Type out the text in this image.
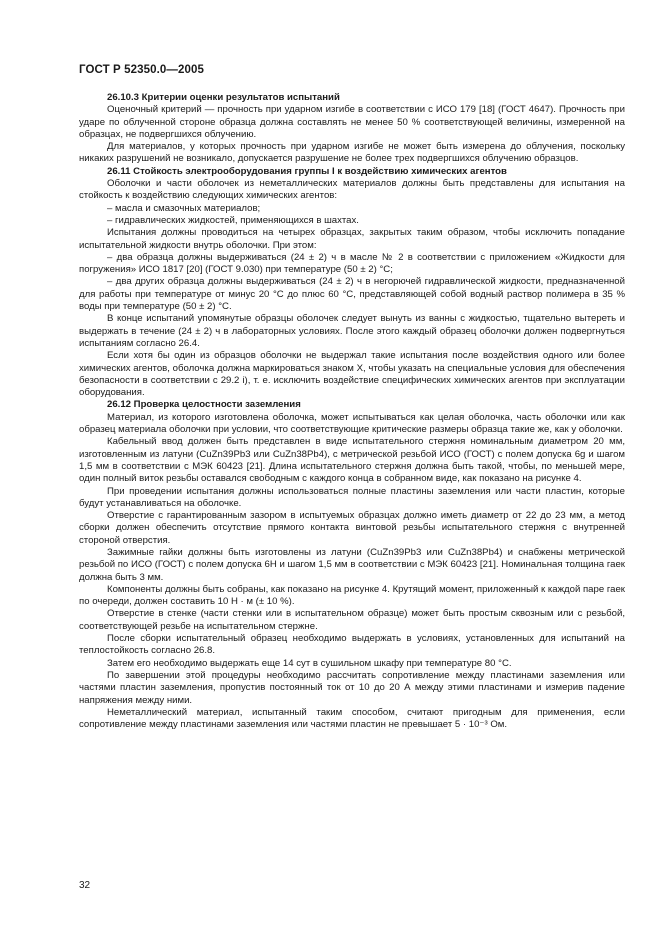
ГОСТ Р 52350.0—2005

26.10.3 Критерии оценки результатов испытаний

Оценочный критерий — прочность при ударном изгибе в соответствии с ИСО 179 [18] (ГОСТ 4647). Прочность при ударе по облученной стороне образца должна составлять не менее 50 % соответствующей величины, измеренной на образцах, не подвергшихся облучению.

Для материалов, у которых прочность при ударном изгибе не может быть измерена до облучения, поскольку никаких разрушений не возникало, допускается разрушение не более трех подвергшихся облучению образцов.

26.11 Стойкость электрооборудования группы I к воздействию химических агентов

Оболочки и части оболочек из неметаллических материалов должны быть представлены для испытания на стойкость к воздействию следующих химических агентов:

– масла и смазочных материалов;

– гидравлических жидкостей, применяющихся в шахтах.

Испытания должны проводиться на четырех образцах, закрытых таким образом, чтобы исключить попадание испытательной жидкости внутрь оболочки. При этом:

– два образца должны выдерживаться (24 ± 2) ч в масле № 2 в соответствии с приложением «Жидкости для погружения» ИСО 1817 [20] (ГОСТ 9.030) при температуре (50 ± 2) °С;

– два других образца должны выдерживаться (24 ± 2) ч в негорючей гидравлической жидкости, предназначенной для работы при температуре от минус 20 °С до плюс 60 °С, представляющей собой водный раствор полимера в 35 % воды при температуре (50 ± 2) °С.

В конце испытаний упомянутые образцы оболочек следует вынуть из ванны с жидкостью, тщательно вытереть и выдержать в течение (24 ± 2) ч в лабораторных условиях. После этого каждый образец оболочки должен подвергнуться испытаниям согласно 26.4.

Если хотя бы один из образцов оболочки не выдержал такие испытания после воздействия одного или более химических агентов, оболочка должна маркироваться знаком X, чтобы указать на специальные условия для обеспечения безопасности в соответствии с 29.2 i), т. е. исключить воздействие специфических химических агентов при эксплуатации оборудования.

26.12 Проверка целостности заземления

Материал, из которого изготовлена оболочка, может испытываться как целая оболочка, часть оболочки или как образец материала оболочки при условии, что соответствующие критические размеры образца такие же, как у оболочки.

Кабельный ввод должен быть представлен в виде испытательного стержня номинальным диаметром 20 мм, изготовленным из латуни (CuZn39Pb3 или CuZn38Pb4), с метрической резьбой ИСО (ГОСТ) с полем допуска 6g и шагом 1,5 мм в соответствии с МЭК 60423 [21]. Длина испытательного стержня должна быть такой, чтобы, по меньшей мере, один полный виток резьбы оставался свободным с каждого конца в собранном виде, как показано на рисунке 4.

При проведении испытания должны использоваться полные пластины заземления или части пластин, которые будут устанавливаться на оболочке.

Отверстие с гарантированным зазором в испытуемых образцах должно иметь диаметр от 22 до 23 мм, а метод сборки должен обеспечить отсутствие прямого контакта винтовой резьбы испытательного стержня с внутренней стороной отверстия.

Зажимные гайки должны быть изготовлены из латуни (CuZn39Pb3 или CuZn38Pb4) и снабжены метрической резьбой по ИСО (ГОСТ) с полем допуска 6Н и шагом 1,5 мм в соответствии с МЭК 60423 [21]. Номинальная толщина гаек должна быть 3 мм.

Компоненты должны быть собраны, как показано на рисунке 4. Крутящий момент, приложенный к каждой паре гаек по очереди, должен составить 10 Н · м (± 10 %).

Отверстие в стенке (части стенки или в испытательном образце) может быть простым сквозным или с резьбой, соответствующей резьбе на испытательном стержне.

После сборки испытательный образец необходимо выдержать в условиях, установленных для испытаний на теплостойкость согласно 26.8.

Затем его необходимо выдержать еще 14 сут в сушильном шкафу при температуре 80 °С.

По завершении этой процедуры необходимо рассчитать сопротивление между пластинами заземления или частями пластин заземления, пропустив постоянный ток от 10 до 20 А между этими пластинами и измерив падение напряжения между ними.

Неметаллический материал, испытанный таким способом, считают пригодным для применения, если сопротивление между пластинами заземления или частями пластин не превышает 5 · 10⁻³ Ом.

32
